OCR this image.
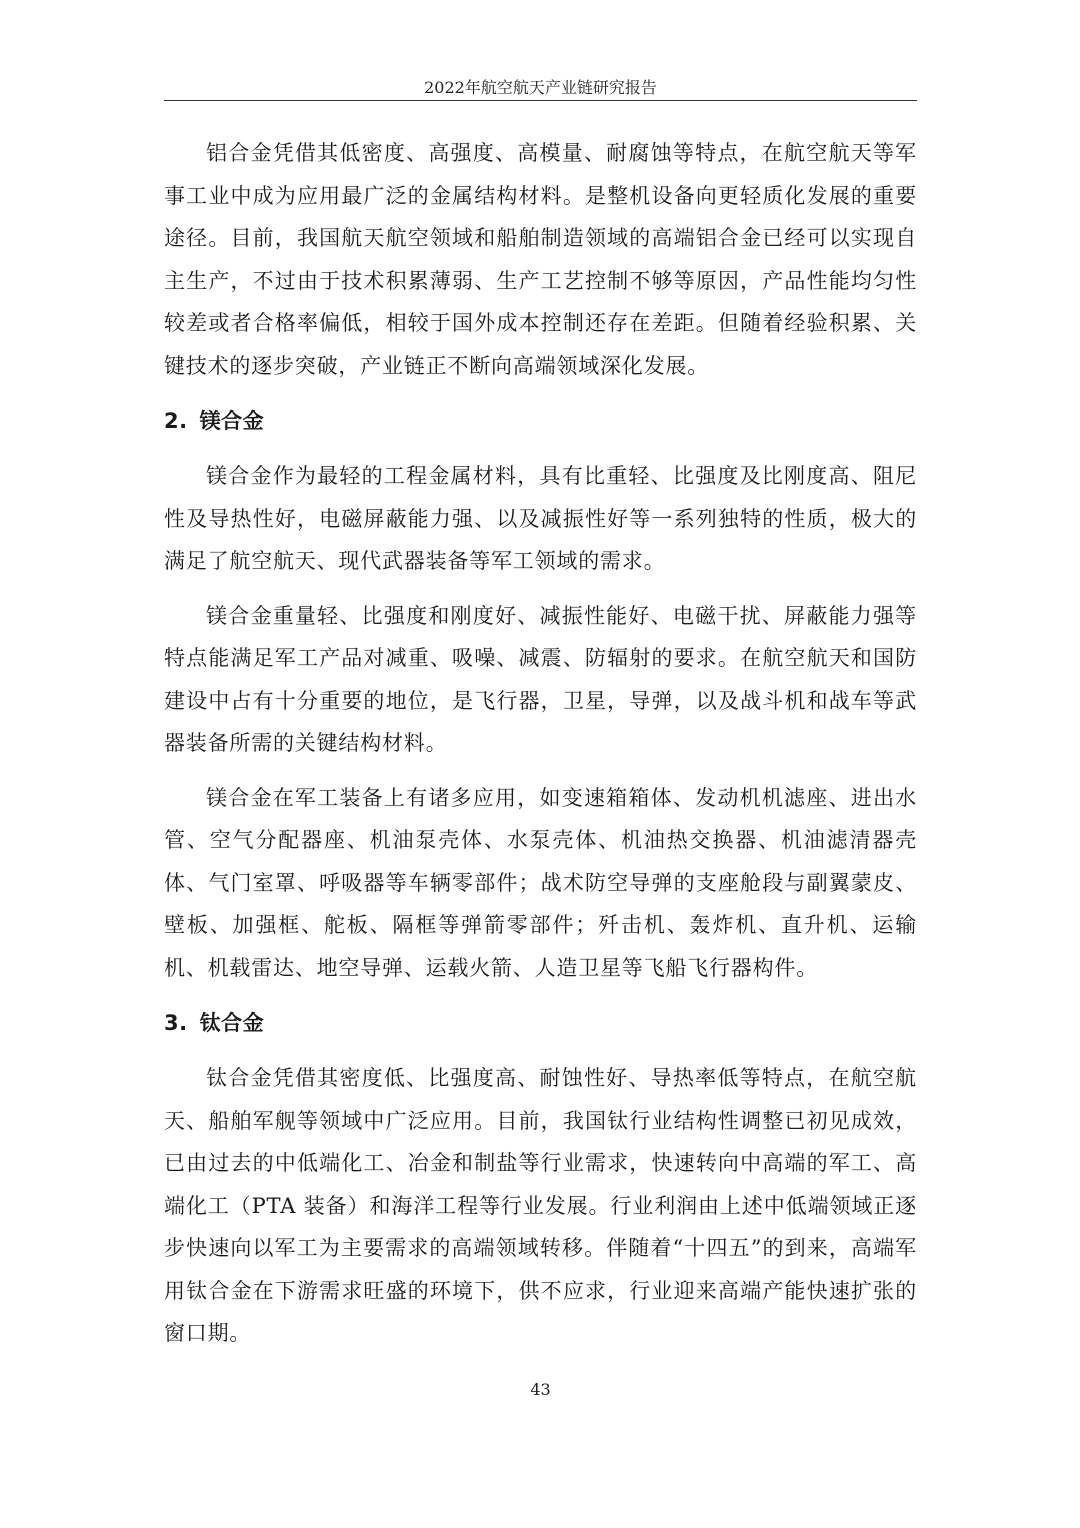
2022年航空航天产业链研究报告

铝合金凭借其低密度、高强度、高模量、耐腐蚀等特点，在航空航天等军事工业中成为应用最广泛的金属结构材料。是整机设备向更轻质化发展的重要途径。目前，我国航天航空领域和船舶制造领域的高端铝合金已经可以实现自主生产，不过由于技术积累薄弱、生产工艺控制不够等原因，产品性能均匀性较差或者合格率偏低，相较于国外成本控制还存在差距。但随着经验积累、关键技术的逐步突破，产业链正不断向高端领域深化发展。

2. 镁合金

镁合金作为最轻的工程金属材料，具有比重轻、比强度及比刚度高、阻尼性及导热性好，电磁屏蔽能力强、以及减振性好等一系列独特的性质，极大的满足了航空航天、现代武器装备等军工领域的需求。

镁合金重量轻、比强度和刚度好、减振性能好、电磁干扰、屏蔽能力强等特点能满足军工产品对减重、吸噪、减震、防辐射的要求。在航空航天和国防建设中占有十分重要的地位，是飞行器，卫星，导弹，以及战斗机和战车等武器装备所需的关键结构材料。

镁合金在军工装备上有诸多应用，如变速箱箱体、发动机机滤座、进出水管、空气分配器座、机油泵壳体、水泵壳体、机油热交换器、机油滤清器壳体、气门室罩、呼吸器等车辆零部件；战术防空导弹的支座舱段与副翼蒙皮、壁板、加强框、舵板、隔框等弹箭零部件；歼击机、轰炸机、直升机、运输机、机载雷达、地空导弹、运载火箭、人造卫星等飞船飞行器构件。

3. 钛合金

钛合金凭借其密度低、比强度高、耐蚀性好、导热率低等特点，在航空航天、船舶军舰等领域中广泛应用。目前，我国钛行业结构性调整已初见成效，已由过去的中低端化工、冶金和制盐等行业需求，快速转向中高端的军工、高端化工（PTA 装备）和海洋工程等行业发展。行业利润由上述中低端领域正逐步快速向以军工为主要需求的高端领域转移。伴随着“十四五”的到来，高端军用钛合金在下游需求旺盛的环境下，供不应求，行业迎来高端产能快速扩张的窗口期。

43
